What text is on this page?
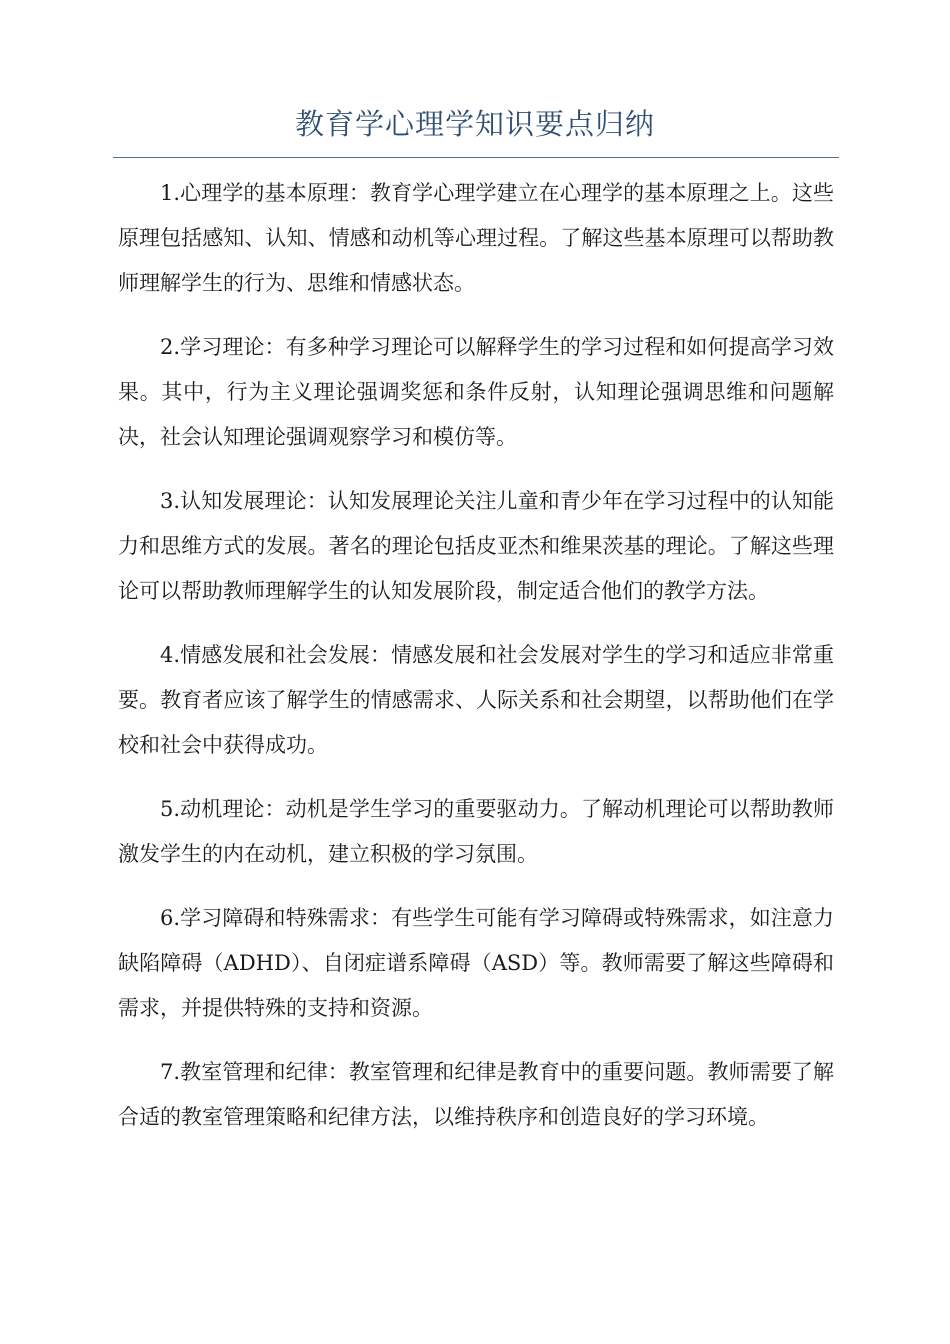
教育学心理学知识要点归纳

1.心理学的基本原理：教育学心理学建立在心理学的基本原理之上。这些原理包括感知、认知、情感和动机等心理过程。了解这些基本原理可以帮助教师理解学生的行为、思维和情感状态。

2.学习理论：有多种学习理论可以解释学生的学习过程和如何提高学习效果。其中，行为主义理论强调奖惩和条件反射，认知理论强调思维和问题解决，社会认知理论强调观察学习和模仿等。

3.认知发展理论：认知发展理论关注儿童和青少年在学习过程中的认知能力和思维方式的发展。著名的理论包括皮亚杰和维果茨基的理论。了解这些理论可以帮助教师理解学生的认知发展阶段，制定适合他们的教学方法。

4.情感发展和社会发展：情感发展和社会发展对学生的学习和适应非常重要。教育者应该了解学生的情感需求、人际关系和社会期望，以帮助他们在学校和社会中获得成功。

5.动机理论：动机是学生学习的重要驱动力。了解动机理论可以帮助教师激发学生的内在动机，建立积极的学习氛围。

6.学习障碍和特殊需求：有些学生可能有学习障碍或特殊需求，如注意力缺陷障碍（ADHD）、自闭症谱系障碍（ASD）等。教师需要了解这些障碍和需求，并提供特殊的支持和资源。

7.教室管理和纪律：教室管理和纪律是教育中的重要问题。教师需要了解合适的教室管理策略和纪律方法，以维持秩序和创造良好的学习环境。
